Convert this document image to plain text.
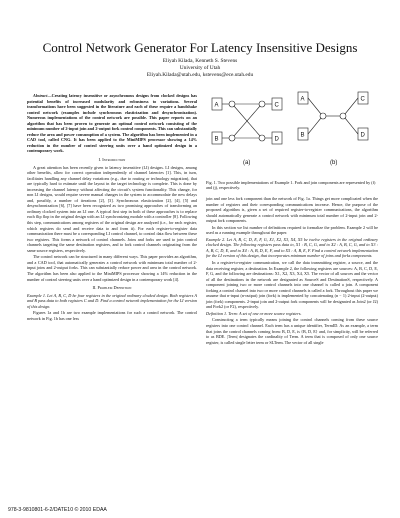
Control Network Generator For Latency Insensitive Designs
Eliyah Kilada, Kenneth S. Stevens
University of Utah
Eliyah.Kilada@utah.edu, kstevens@ece.utah.edu

Abstract—Creating latency insensitive or asynchronous designs from clocked designs has potential benefits of increased modularity and robustness to variations. Several transformations have been suggested in the literature and each of these require a handshake control network (examples include synchronous elasticization and desynchronization). Numerous implementations of the control network are possible. This paper reports on an algorithm that has been proven to generate an optimal control network consisting of the minimum number of 2-input join and 2-output fork control components. This can substantially reduce the area and power consumption of a system. The algorithm has been implemented in a CAD tool, called CNG. It has been applied to the MiniMIPS processor showing a 14% reduction in the number of control steering units over a hand optimized design in a contemporary work.

I. Introduction

A great attention has been recently given to latency insensitive (LI) designs. LI designs, among other benefits, allow for correct operation independently of channel latencies [1]. This, in turn, facilitates handling any channel delay variations (e.g., due to routing or technology migration), that are typically hard to estimate until the layout in the target technology is complete. This is done by increasing the channel latency without affecting the circuit's system functionality. This change, for non LI designs, would require severe manual changes in the system to accommodate the new delays and, possibly, a number of iterations [2], [3]. Synchronous elasticization [2], [4], [5] and desynchronization [6], [7] have been recognized as two promising approaches of transforming an ordinary clocked system into an LI one. A typical first step in both of these approaches is to replace each flip flop in the original design with an LI synchronizing module with a controller [8]. Following this step, communications among registers of the original design are analyzed (i.e., for each register, which registers do send and receive data to and from it). For each register-to-register data communication there must be a corresponding LI control channel, to control data flow between these two registers. This forms a network of control channels. Joins and forks are used to join control channels targeting the same destination registers, and to fork control channels originating from the same source registers, respectively.

The control network can be structured in many different ways. This paper provides an algorithm, and a CAD tool, that automatically generates a control network with minimum total number of 2-input joins and 2-output forks. This can substantially reduce power and area in the control network. The algorithm has been also applied to the MiniMIPS processor showing a 14% reduction in the number of control steering units over a hand optimized design in a contemporary work [4].

II. Problem Definition

Example 1. Let A, B, C, D be four registers in the original ordinary clocked design. Both registers A and B pass data to both registers C and D. Find a control network implementation for the LI version of this design.

Figures 1a and 1b are two example implementations for such a control network. The control network in Fig. 1b has one less

A
B
C
D
(a)
A
B
C
D
(b)
Fig. 1. Two possible implementations of Example 1. Fork and join components are represented by (f) and (j), respectively.

join and one less fork component than the network of Fig. 1a. Things get more complicated when the number of registers and their corresponding communications increase. Hence, the purpose of the proposed algorithm is, given a set of required register-to-register communications, the algorithm should automatically generate a control network with minimum total number of 2-input join and 2-output fork components.

In this section we list number of definitions required to formalize the problem. Example 2 will be used as a running example throughout the paper.

Example 2. Let A, B, C, D, E, F, G, X1, X2, X3, X4, X5 be twelve registers in the original ordinary clocked design. The following registers pass data to, X1 : B, C, G, and to X2 : A, B, C, G, and to X3 : A, B, C, D, E, and to X4 : A, B, D, E, F, and to X5 : A, B, E, F. Find a control network implementation for the LI version of this design, that incorporates minimum number of joins and forks components.

In a register-to-register communication, we call the data transmitting register, a source, and the data receiving register, a destination. In Example 2, the following registers are sources: A, B, C, D, E, F, G, and the following are destinations: X1, X2, X3, X4, X5. The vector of all sources and the vector of all the destinations in the network are designated as SourceS and DestinationS, respectively. A component joining two or more control channels into one channel is called a join. A component forking a control channel into two or more control channels is called a fork. Throughout this paper we assume that n-input (n-output) join (fork) is implemented by concatenating (n − 1) 2-input (2-output) join (fork) components. 2-input join and 2-output fork components will be designated as Join2 (or J2) and Fork2 (or F2), respectively.

Definition 1. Term: A set of one or more source registers.

Constructing a term typically means joining the control channels coming from these source registers into one control channel. Each term has a unique identifier, TermID. As an example, a term that joins the control channels coming from: B, D, E, is {B, D, E} and, for simplicity, will be referred to as BDE. |Term| designates the cardinality of Term. A term that is composed of only one source register, is called single letter term or SLTerm. The vector of all single

978-3-9810801-6-2/DATE10 © 2010 EDAA
